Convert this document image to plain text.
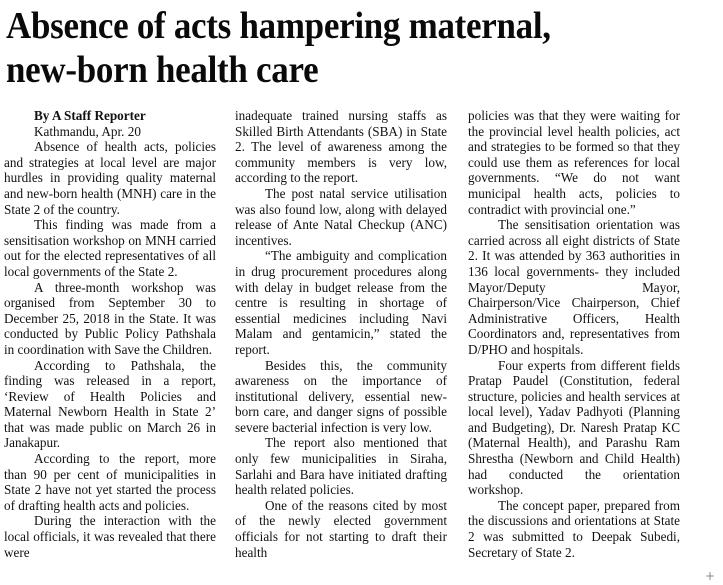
Absence of acts hampering maternal,
new-born health care
By A Staff Reporter
Kathmandu, Apr. 20

Absence of health acts, policies and strategies at local level are major hurdles in providing quality maternal and new-born health (MNH) care in the State 2 of the country.

This finding was made from a sensitisation workshop on MNH carried out for the elected representatives of all local governments of the State 2.

A three-month workshop was organised from September 30 to December 25, 2018 in the State. It was conducted by Public Policy Pathshala in coordination with Save the Children.

According to Pathshala, the finding was released in a report, ‘Review of Health Policies and Maternal Newborn Health in State 2’ that was made public on March 26 in Janakapur.

According to the report, more than 90 per cent of municipalities in State 2 have not yet started the process of drafting health acts and policies.

During the interaction with the local officials, it was revealed that there were

inadequate trained nursing staffs as Skilled Birth Attendants (SBA) in State 2. The level of awareness among the community members is very low, according to the report.

The post natal service utilisation was also found low, along with delayed release of Ante Natal Checkup (ANC) incentives.

“The ambiguity and complication in drug procurement procedures along with delay in budget release from the centre is resulting in shortage of essential medicines including Navi Malam and gentamicin,” stated the report.

Besides this, the community awareness on the importance of institutional delivery, essential new-born care, and danger signs of possible severe bacterial infection is very low.

The report also mentioned that only few municipalities in Siraha, Sarlahi and Bara have initiated drafting health related policies.

One of the reasons cited by most of the newly elected government officials for not starting to draft their health

policies was that they were waiting for the provincial level health policies, act and strategies to be formed so that they could use them as references for local governments. “We do not want municipal health acts, policies to contradict with provincial one.”

The sensitisation orientation was carried across all eight districts of State 2. It was attended by 363 authorities in 136 local governments- they included Mayor/Deputy Mayor, Chairperson/Vice Chairperson, Chief Administrative Officers, Health Coordinators and, representatives from D/PHO and hospitals.

Four experts from different fields Pratap Paudel (Constitution, federal structure, policies and health services at local level), Yadav Padhyoti (Planning and Budgeting), Dr. Naresh Pratap KC (Maternal Health), and Parashu Ram Shrestha (Newborn and Child Health) had conducted the orientation workshop.

The concept paper, prepared from the discussions and orientations at State 2 was submitted to Deepak Subedi, Secretary of State 2.

+
